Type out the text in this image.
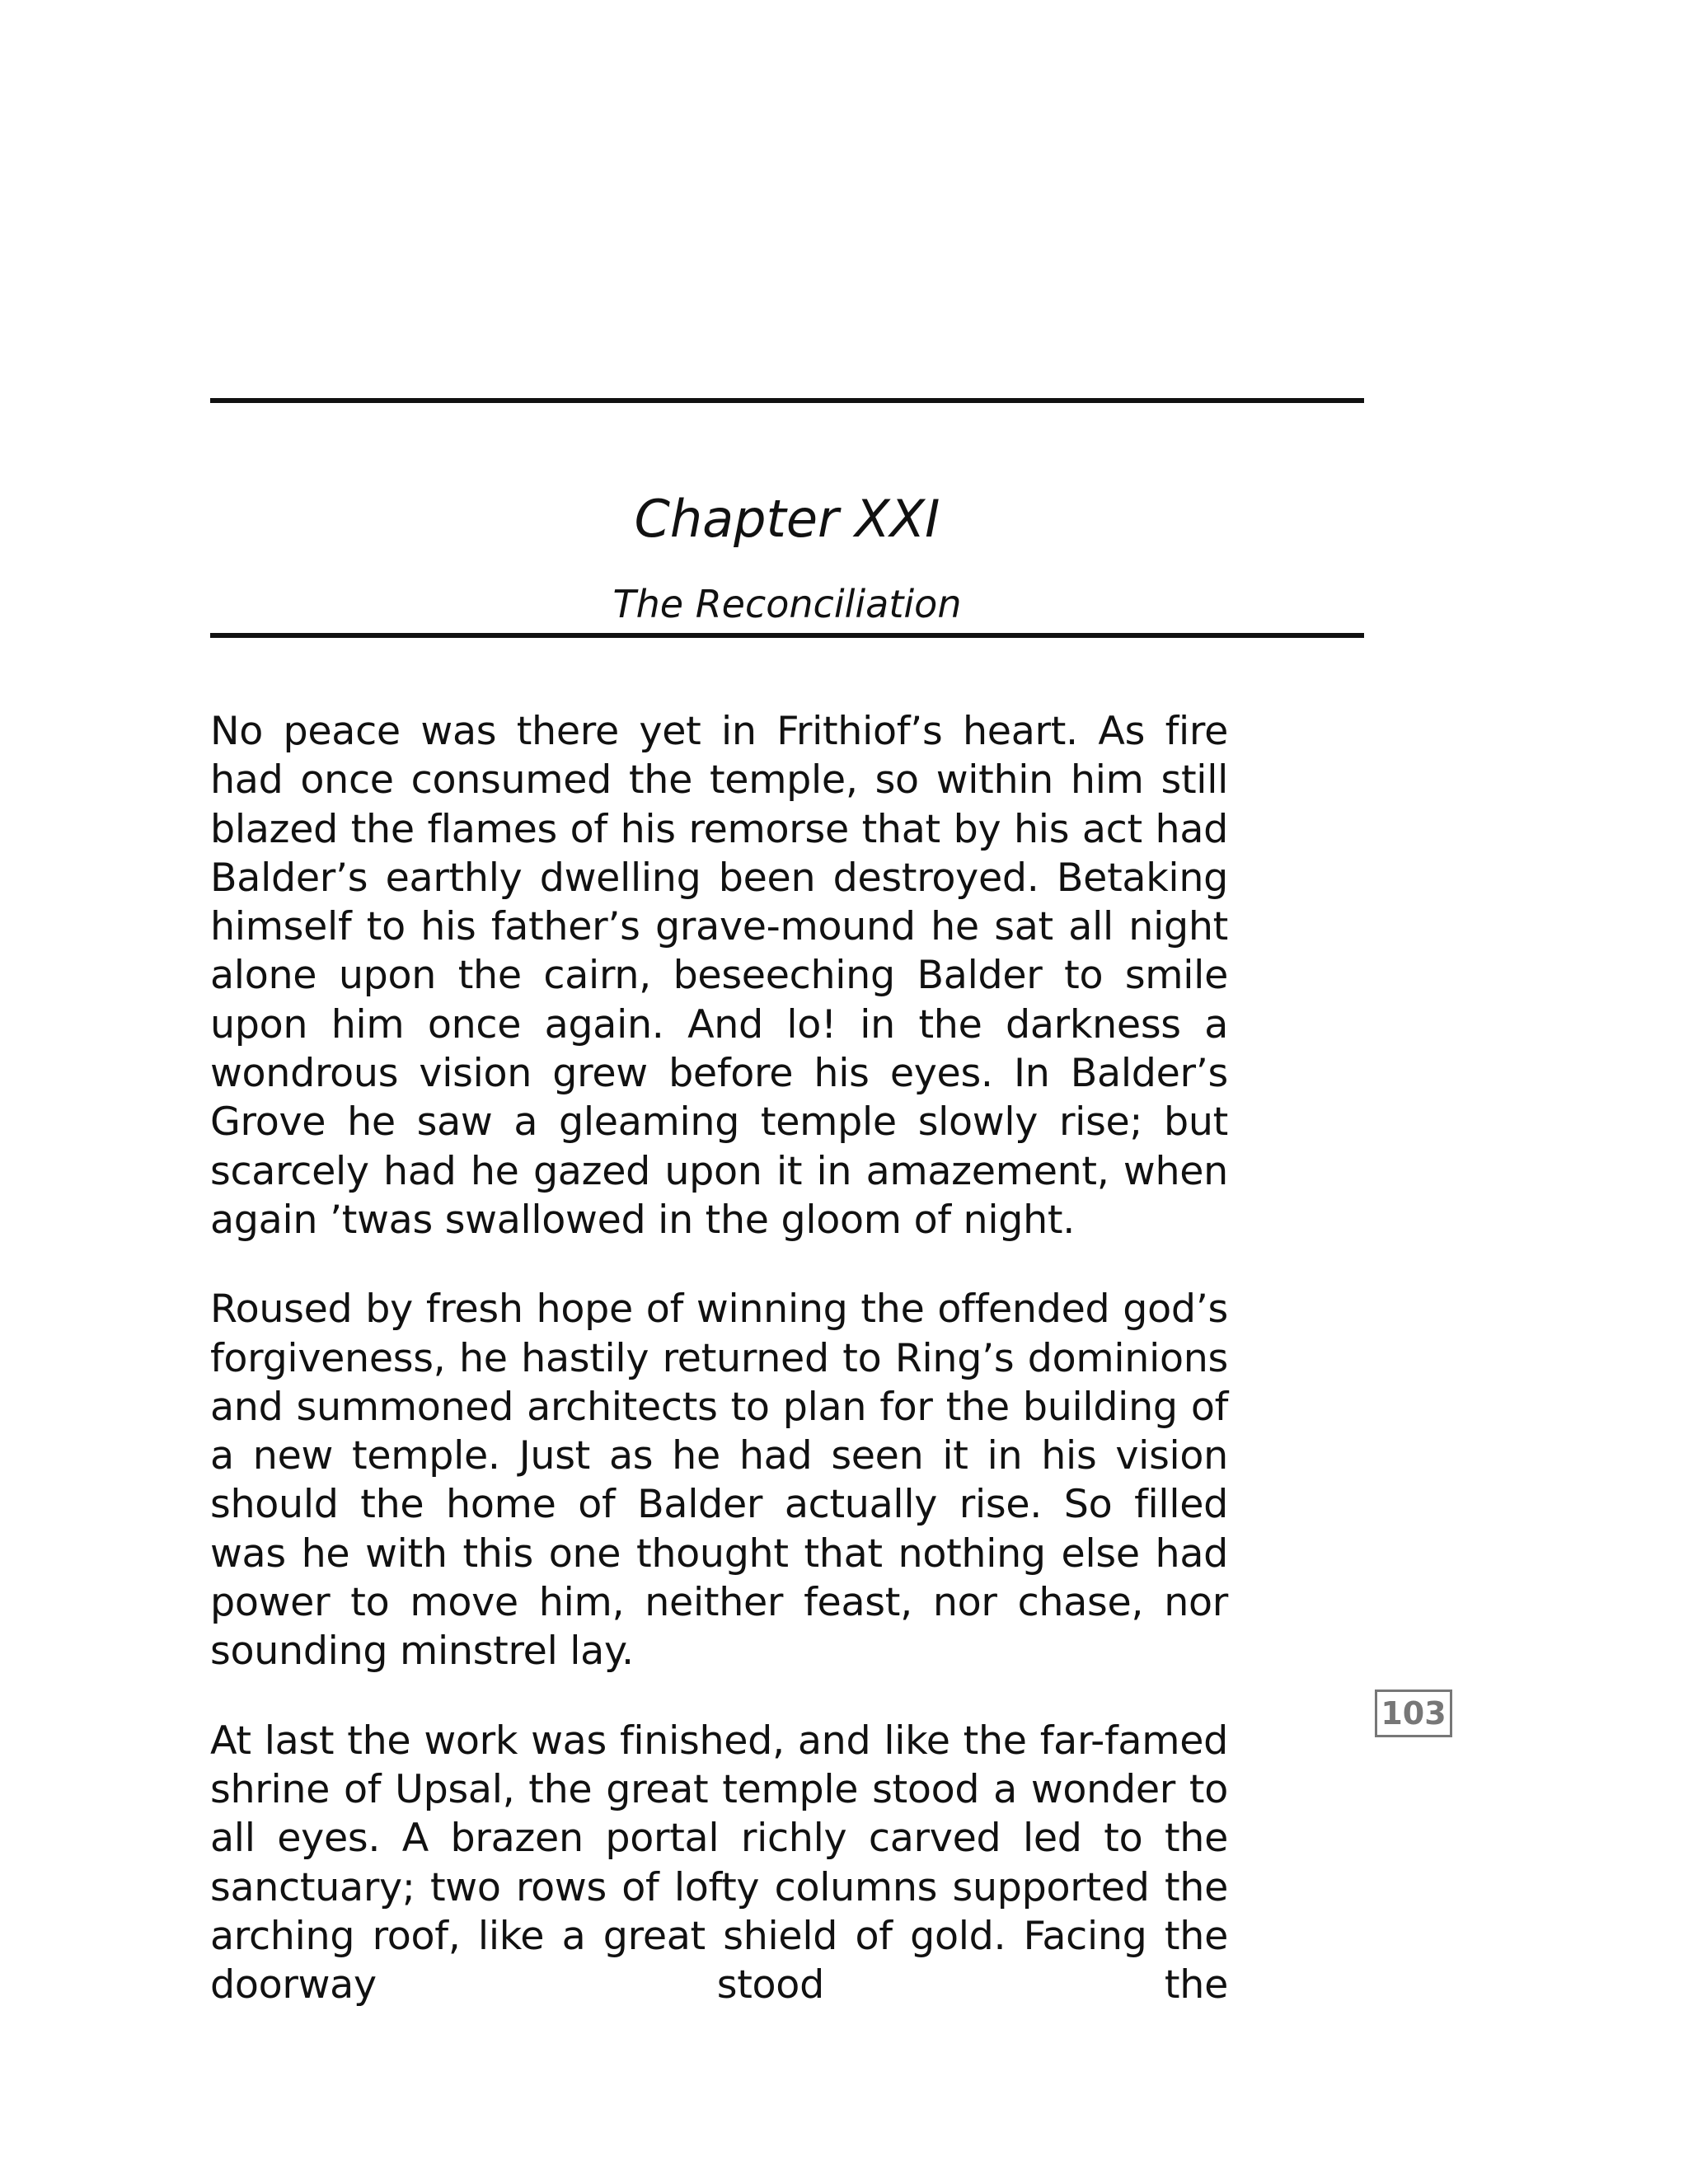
Chapter XXI
The Reconciliation

No peace was there yet in Frithiof’s heart. As fire had once consumed the temple, so within him still blazed the flames of his remorse that by his act had Balder’s earthly dwelling been destroyed. Betaking himself to his father’s grave-mound he sat all night alone upon the cairn, beseeching Balder to smile upon him once again. And lo! in the darkness a wondrous vision grew before his eyes. In Balder’s Grove he saw a gleaming temple slowly rise; but scarcely had he gazed upon it in amazement, when again ’twas swallowed in the gloom of night.

Roused by fresh hope of winning the offended god’s forgiveness, he hastily returned to Ring’s dominions and summoned architects to plan for the building of a new temple. Just as he had seen it in his vision should the home of Balder actually rise. So filled was he with this one thought that nothing else had power to move him, neither feast, nor chase, nor sounding minstrel lay.

At last the work was finished, and like the far-famed shrine of Upsal, the great temple stood a wonder to all eyes. A brazen portal richly carved led to the sanctuary; two rows of lofty columns supported the arching roof, like a great shield of gold. Facing the doorway stood the

103
